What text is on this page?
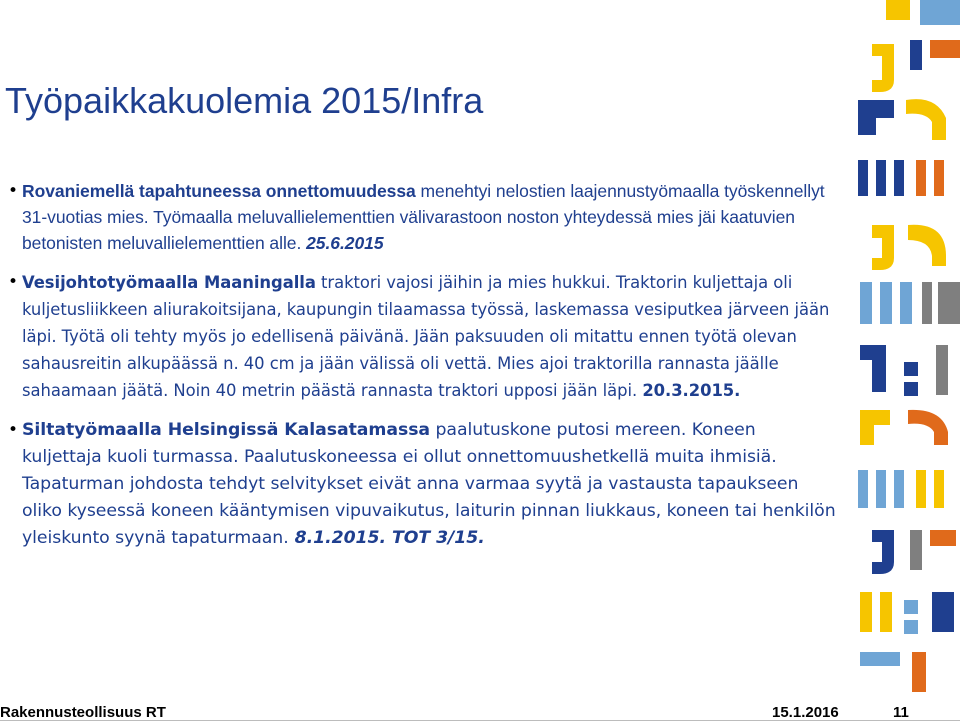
Työpaikkakuolemia 2015/Infra
• Rovaniemellä tapahtuneessa onnettomuudessa menehtyi nelostien laajennustyömaalla työskennellyt 31-vuotias mies. Työmaalla meluvallielementtien välivarastoon noston yhteydessä mies jäi kaatuvien betonisten meluvallielementtien alle. 25.6.2015
• Vesijohtotyömaalla Maaningalla traktori vajosi jäihin ja mies hukkui. Traktorin kuljettaja oli kuljetusliikkeen aliurakoitsijana, kaupungin tilaamassa työssä, laskemassa vesiputkea järveen jään läpi. Työtä oli tehty myös jo edellisenä päivänä. Jään paksuuden oli mitattu ennen työtä olevan sahausreitin alkupäässä n. 40 cm ja jään välissä oli vettä. Mies ajoi traktorilla rannasta jäälle sahaamaan jäätä. Noin 40 metrin päästä rannasta traktori upposi jään läpi. 20.3.2015.
• Siltatyömaalla Helsingissä Kalasatamassa paalutuskone putosi mereen. Koneen kuljettaja kuoli turmassa. Paalutuskoneessa ei ollut onnettomuushetkellä muita ihmisiä. Tapaturman johdosta tehdyt selvitykset eivät anna varmaa syytä ja vastausta tapaukseen oliko kyseessä koneen kääntymisen vipuvaikutus, laiturin pinnan liukkaus, koneen tai henkilön yleiskunto syynä tapaturmaan. 8.1.2015. TOT 3/15.
Rakennusteollisuus RT	15.1.2016	11
